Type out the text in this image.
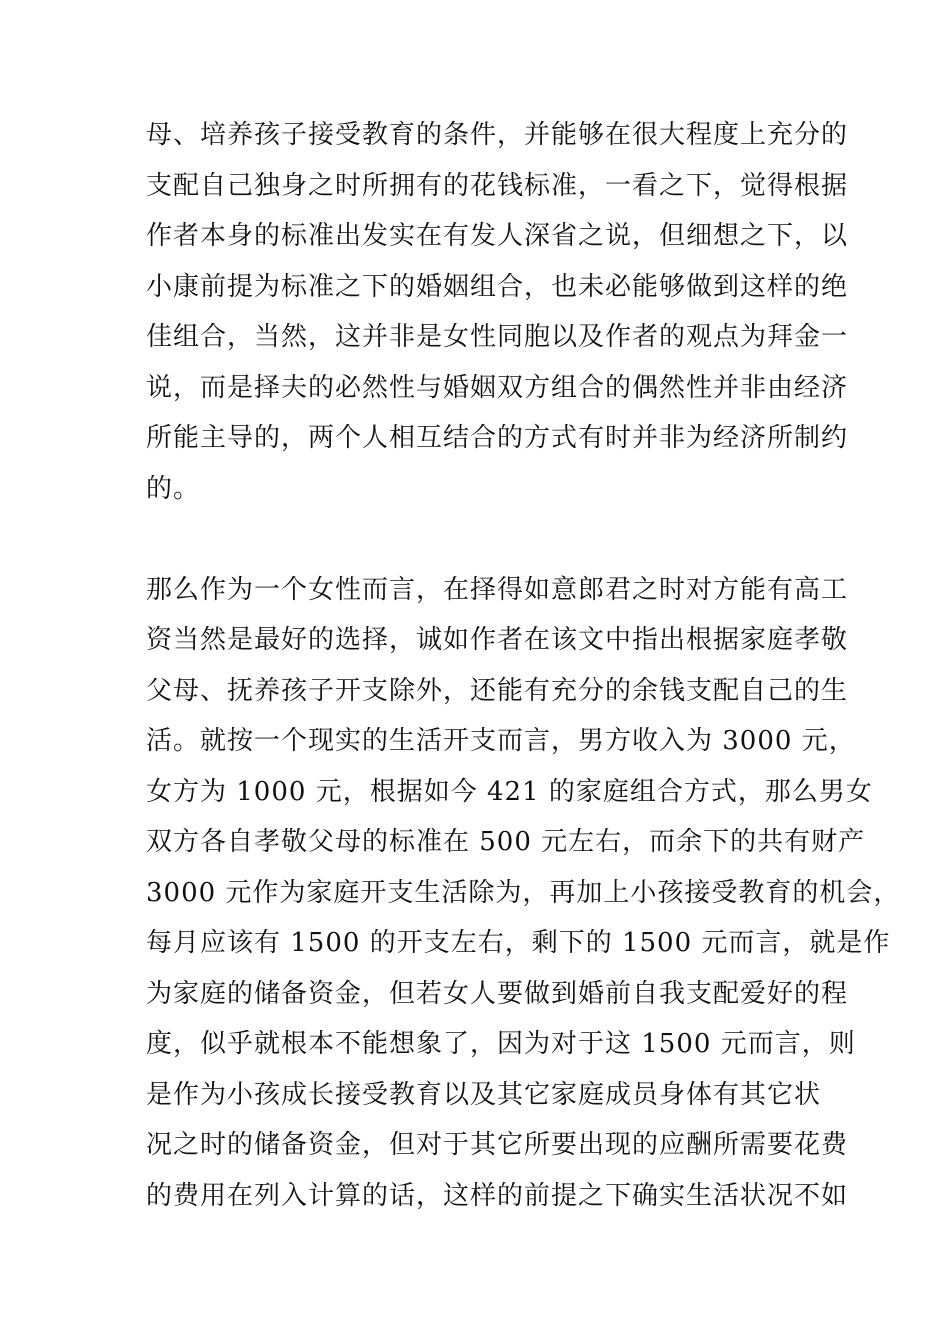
母、培养孩子接受教育的条件，并能够在很大程度上充分的
支配自己独身之时所拥有的花钱标准，一看之下，觉得根据
作者本身的标准出发实在有发人深省之说，但细想之下，以
小康前提为标准之下的婚姻组合，也未必能够做到这样的绝
佳组合，当然，这并非是女性同胞以及作者的观点为拜金一
说，而是择夫的必然性与婚姻双方组合的偶然性并非由经济
所能主导的，两个人相互结合的方式有时并非为经济所制约
的。
那么作为一个女性而言，在择得如意郎君之时对方能有高工
资当然是最好的选择，诚如作者在该文中指出根据家庭孝敬
父母、抚养孩子开支除外，还能有充分的余钱支配自己的生
活。就按一个现实的生活开支而言，男方收入为 3000 元，
女方为 1000 元，根据如今 421 的家庭组合方式，那么男女
双方各自孝敬父母的标准在 500 元左右，而余下的共有财产
3000 元作为家庭开支生活除为，再加上小孩接受教育的机会，
每月应该有 1500 的开支左右，剩下的 1500 元而言，就是作
为家庭的储备资金，但若女人要做到婚前自我支配爱好的程
度，似乎就根本不能想象了，因为对于这 1500 元而言，则
是作为小孩成长接受教育以及其它家庭成员身体有其它状
况之时的储备资金，但对于其它所要出现的应酬所需要花费
的费用在列入计算的话，这样的前提之下确实生活状况不如
